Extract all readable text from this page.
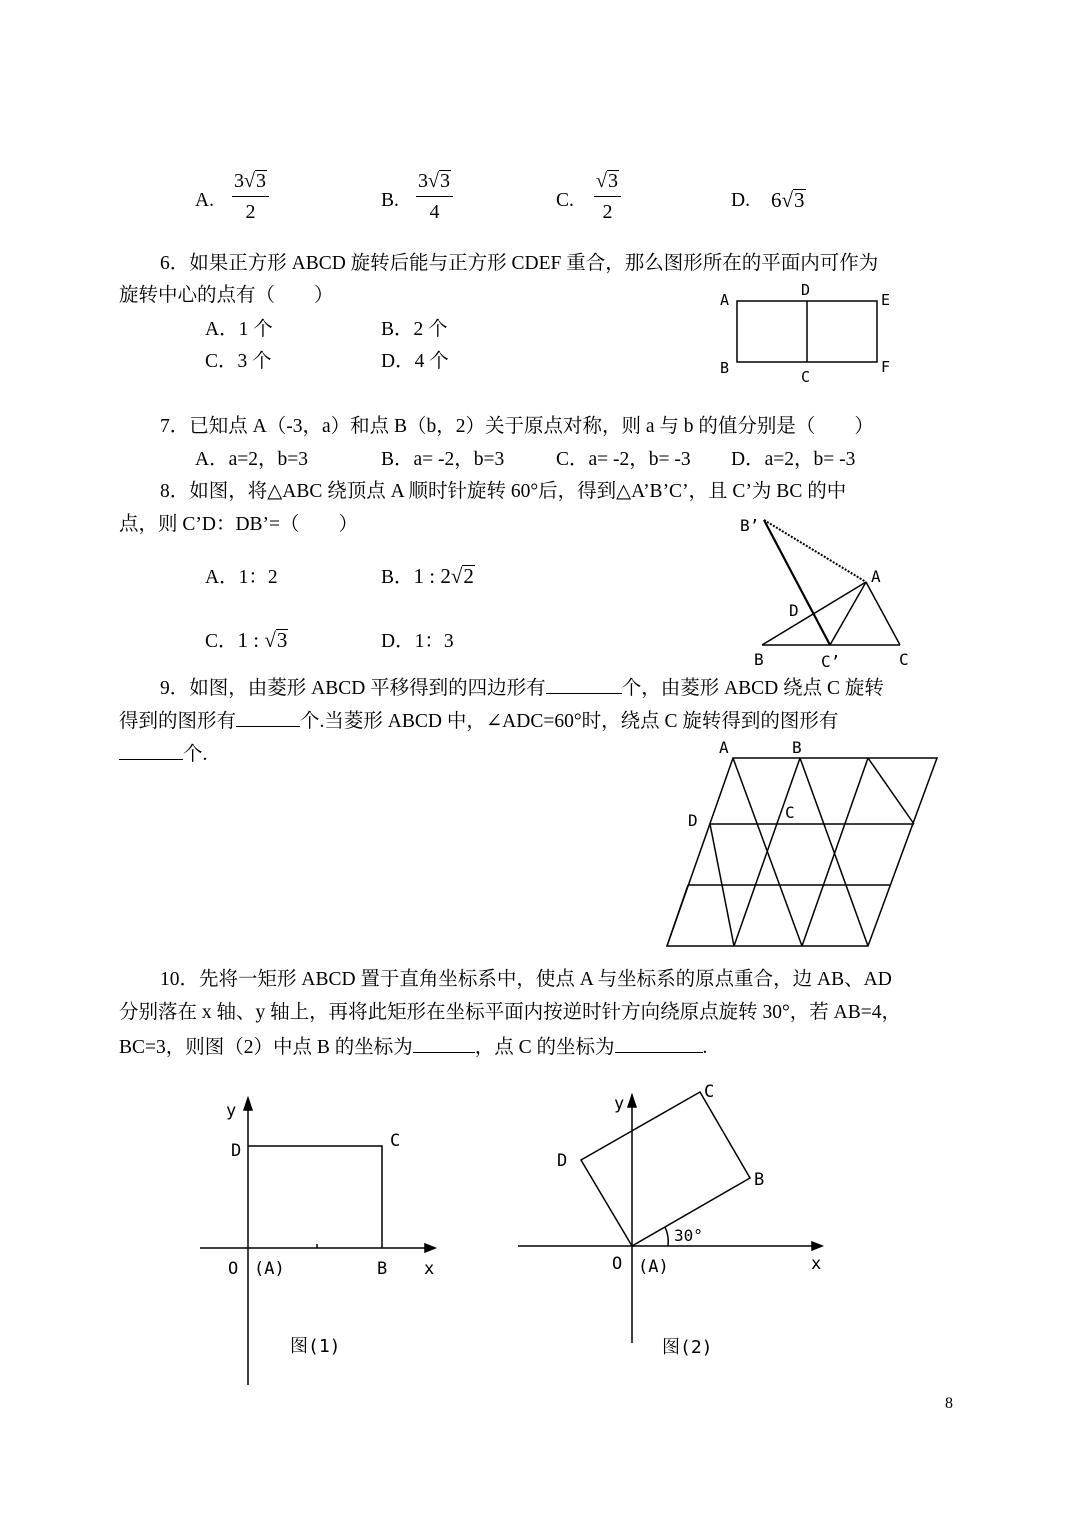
A. $\frac{3√3}{2}$	B. $\frac{3√3}{4}$	C. $\frac{√3}{2}$	D. 6√3
6．如果正方形 ABCD 旋转后能与正方形 CDEF 重合，那么图形所在的平面内可作为
旋转中心的点有（　　）
A．1 个	B．2 个
C．3 个	D．4 个
A
D
E
B	C
F
7．已知点 A（-3，a）和点 B（b，2）关于原点对称，则 a 与 b 的值分别是（　　）
A．a=2，b=3	B．a= -2，b=3	C．a= -2，b= -3 D．a=2，b= -3
8．如图，将△ABC 绕顶点 A 顺时针旋转 60°后，得到△A’B’C’，且 C’为 BC 的中
点，则 C’D：DB’=（　　）
A．1：2	B．1 : 2√2
C．1 : √3	D．1：3
B’
A
D
B	C’	C
9．如图，由菱形 ABCD 平移得到的四边形有	个，由菱形 ABCD 绕点 C 旋转
得到的图形有	个.当菱形 ABCD 中，∠ADC=60°时，绕点 C 旋转得到的图形有
个.	A	B
C
D
10．先将一矩形 ABCD 置于直角坐标系中，使点 A 与坐标系的原点重合，边 AB、AD
分别落在 x 轴、y 轴上，再将此矩形在坐标平面内按逆时针方向绕原点旋转 30°，若 AB=4，
BC=3，则图（2）中点 B 的坐标为	，点 C 的坐标为	.
y
D	C
O (A)	B x
图(1)
y
C
D
B
30°
O (A)	x
图(2)
8
